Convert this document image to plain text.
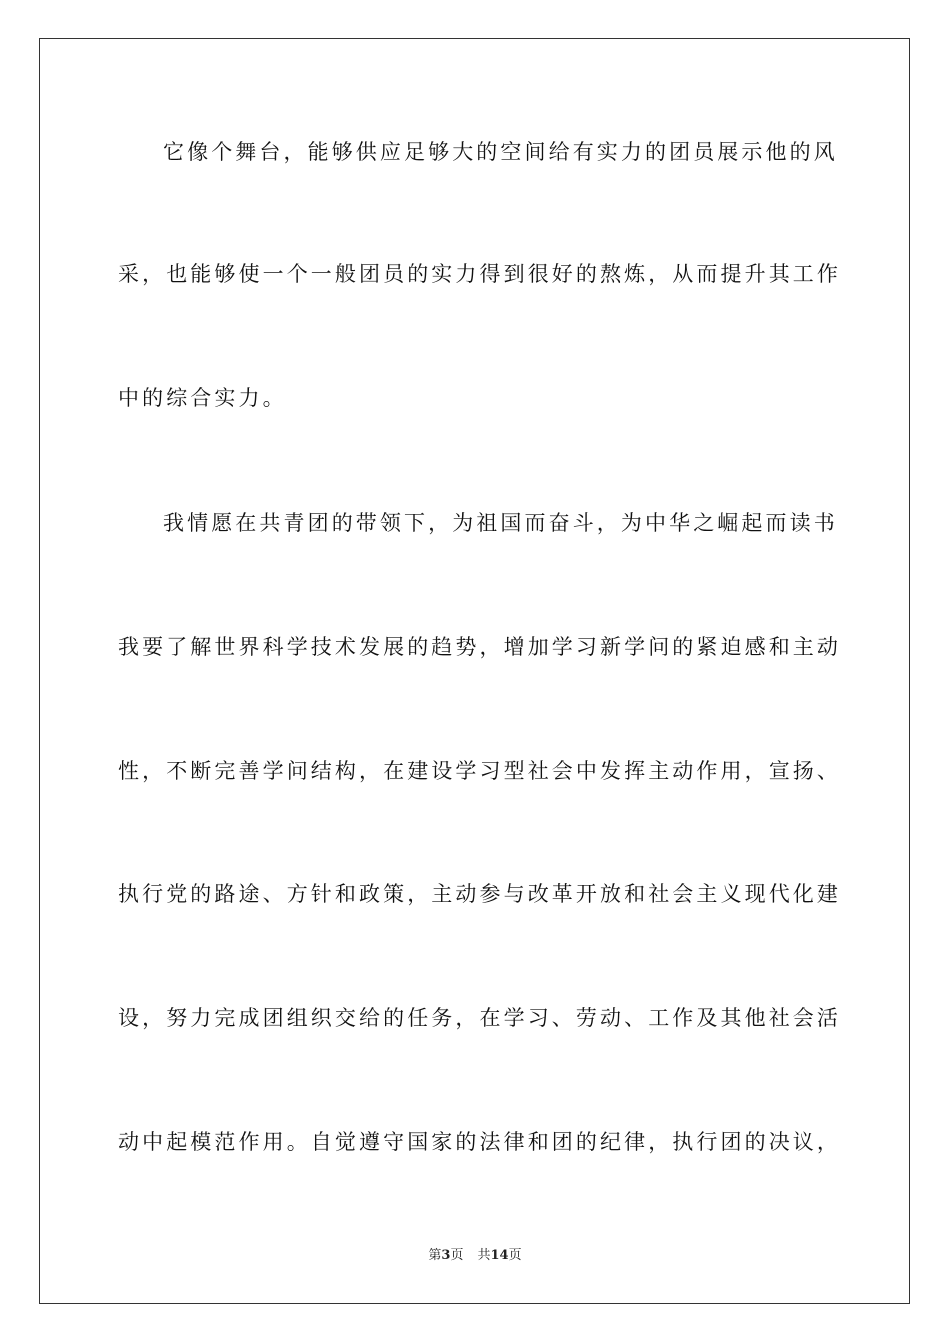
它像个舞台，能够供应足够大的空间给有实力的团员展示他的风
采，也能够使一个一般团员的实力得到很好的熬炼，从而提升其工作
中的综合实力。
我情愿在共青团的带领下，为祖国而奋斗，为中华之崛起而读书
我要了解世界科学技术发展的趋势，增加学习新学问的紧迫感和主动
性，不断完善学问结构，在建设学习型社会中发挥主动作用，宣扬、
执行党的路途、方针和政策，主动参与改革开放和社会主义现代化建
设，努力完成团组织交给的任务，在学习、劳动、工作及其他社会活
动中起模范作用。自觉遵守国家的法律和团的纪律，执行团的决议，
第3页 共14页
